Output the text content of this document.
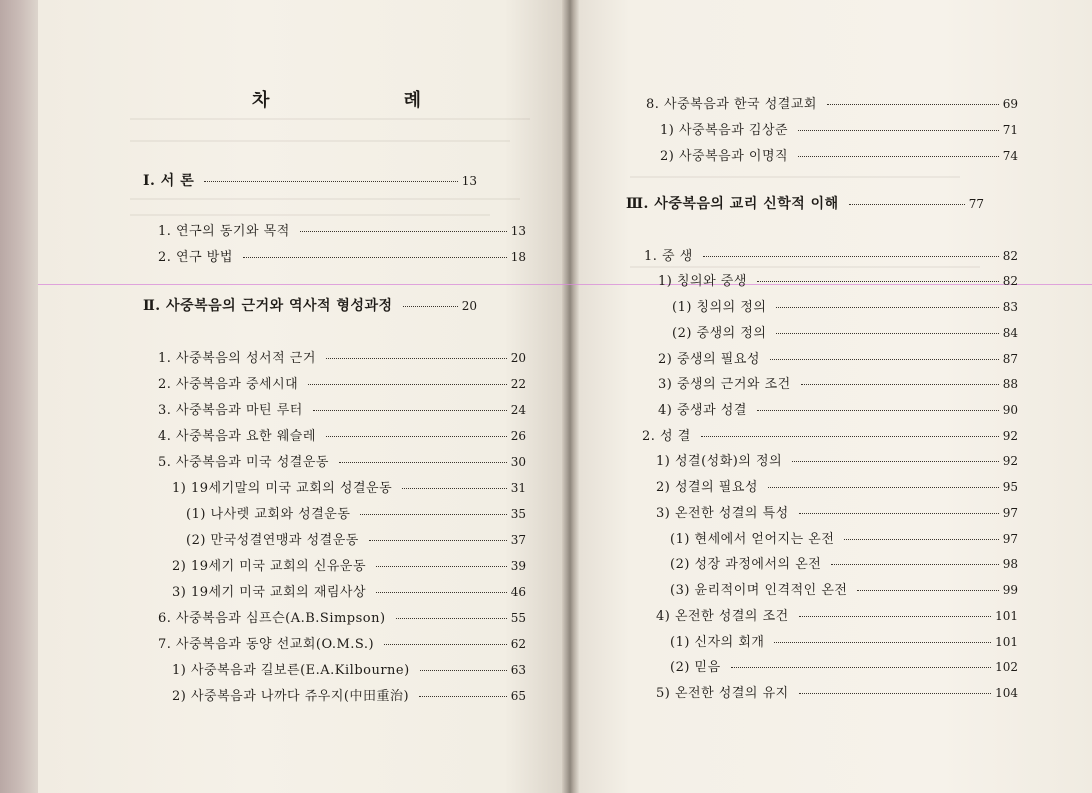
차 례
Ⅰ. 서 론	13
1. 연구의 동기와 목적	13
2. 연구 방법	18
Ⅱ. 사중복음의 근거와 역사적 형성과정	20
1. 사중복음의 성서적 근거	20
2. 사중복음과 중세시대	22
3. 사중복음과 마틴 루터	24
4. 사중복음과 요한 웨슬레	26
5. 사중복음과 미국 성결운동	30
1) 19세기말의 미국 교회의 성결운동	31
(1) 나사렛 교회와 성결운동	35
(2) 만국성결연맹과 성결운동	37
2) 19세기 미국 교회의 신유운동	39
3) 19세기 미국 교회의 재림사상	46
6. 사중복음과 심프슨(A.B.Simpson)	55
7. 사중복음과 동양 선교회(O.M.S.)	62
1) 사중복음과 길보른(E.A.Kilbourne)	63
2) 사중복음과 나까다 쥬우지(中田重治)	65
8. 사중복음과 한국 성결교회	69
1) 사중복음과 김상준	71
2) 사중복음과 이명직	74
Ⅲ. 사중복음의 교리 신학적 이해	77
1. 중 생	82
1) 칭의와 중생	82
(1) 칭의의 정의	83
(2) 중생의 정의	84
2) 중생의 필요성	87
3) 중생의 근거와 조건	88
4) 중생과 성결	90
2. 성 결	92
1) 성결(성화)의 정의	92
2) 성결의 필요성	95
3) 온전한 성결의 특성	97
(1) 현세에서 얻어지는 온전	97
(2) 성장 과정에서의 온전	98
(3) 윤리적이며 인격적인 온전	99
4) 온전한 성결의 조건	101
(1) 신자의 회개	101
(2) 믿음	102
5) 온전한 성결의 유지	104
